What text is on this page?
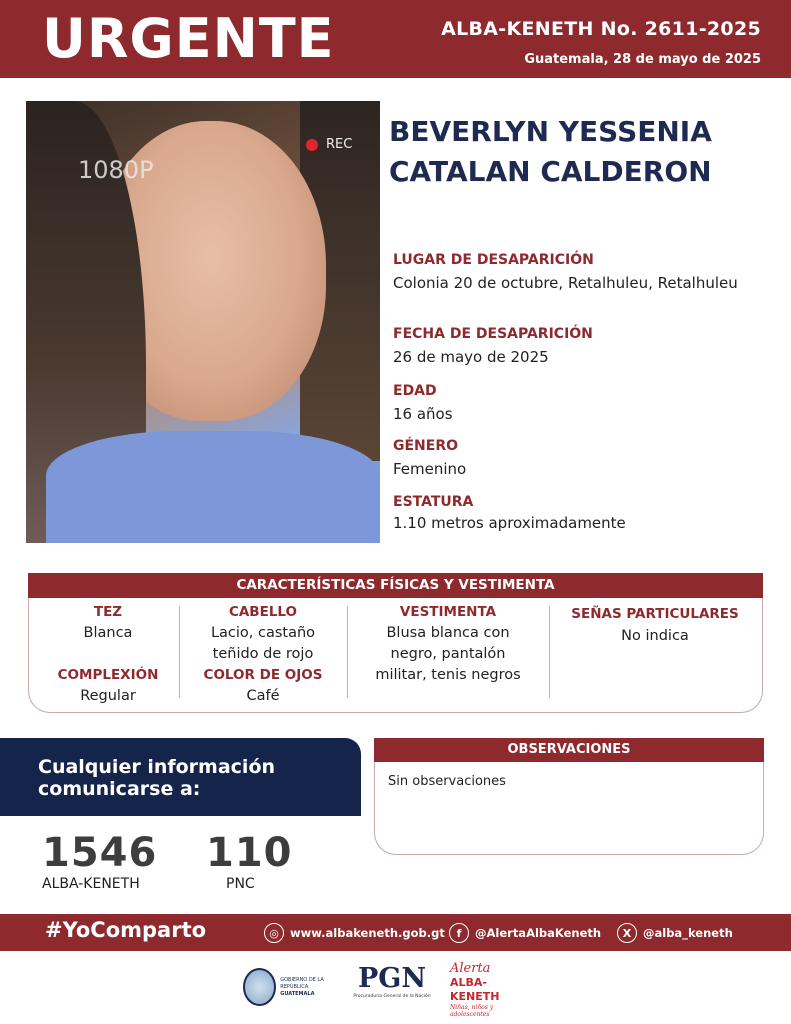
URGENTE	ALBA-KENETH No. 2611-2025
Guatemala, 28 de mayo de 2025
1080P
REC BEVERLYN YESSENIA
CATALAN CALDERON
LUGAR DE DESAPARICIÓN
Colonia 20 de octubre, Retalhuleu, Retalhuleu
FECHA DE DESAPARICIÓN
26 de mayo de 2025
EDAD
16 años
GÉNERO
Femenino
ESTATURA
1.10 metros aproximadamente
CARACTERÍSTICAS FÍSICAS Y VESTIMENTA
TEZ
Blanca
COMPLEXIÓN
Regular
CABELLO
Lacio, castaño
teñido de rojo
COLOR DE OJOS
Café
VESTIMENTA
Blusa blanca con
negro, pantalón
militar, tenis negros
SEÑAS PARTICULARES
No indica
Cualquier información
comunicarse a:
1546
ALBA-KENETH
110
PNC
OBSERVACIONES
Sin observaciones
#YoComparto	◎ www.albakeneth.gob.gt	f	@AlertaAlbaKeneth	X	@alba_keneth
GOBIERNO DE LA REPÚBLICA
GUATEMALA	PGN
Procuraduría General de la Nación
Alerta
ALBA-KENETH
Niñas, niños y adolescentes
